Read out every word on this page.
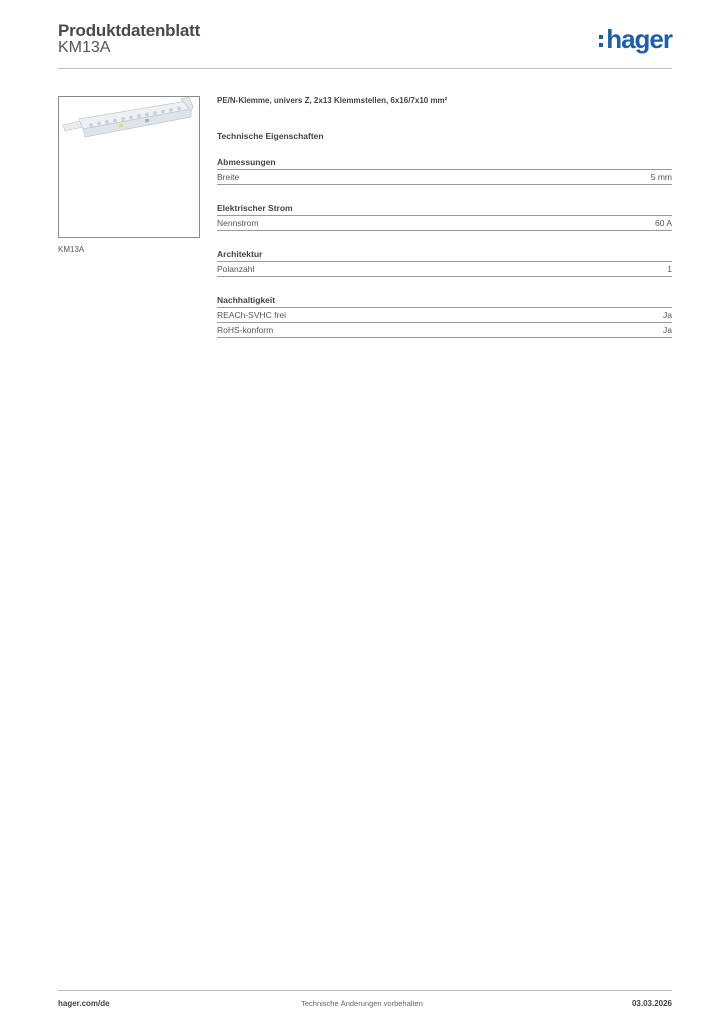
Produktdatenblatt
KM13A	hager
KM13A

PE/N-Klemme, univers Z, 2x13 Klemmstellen, 6x16/7x10 mm²

Technische Eigenschaften
Abmessungen
Breite	5 mm
Elektrischer Strom
Nennstrom	60 A
Architektur
Polanzahl	1
Nachhaltigkeit
REACh-SVHC frei	Ja
RoHS-konform	Ja
hager.com/de	Technische Änderungen vorbehalten	03.03.2026
